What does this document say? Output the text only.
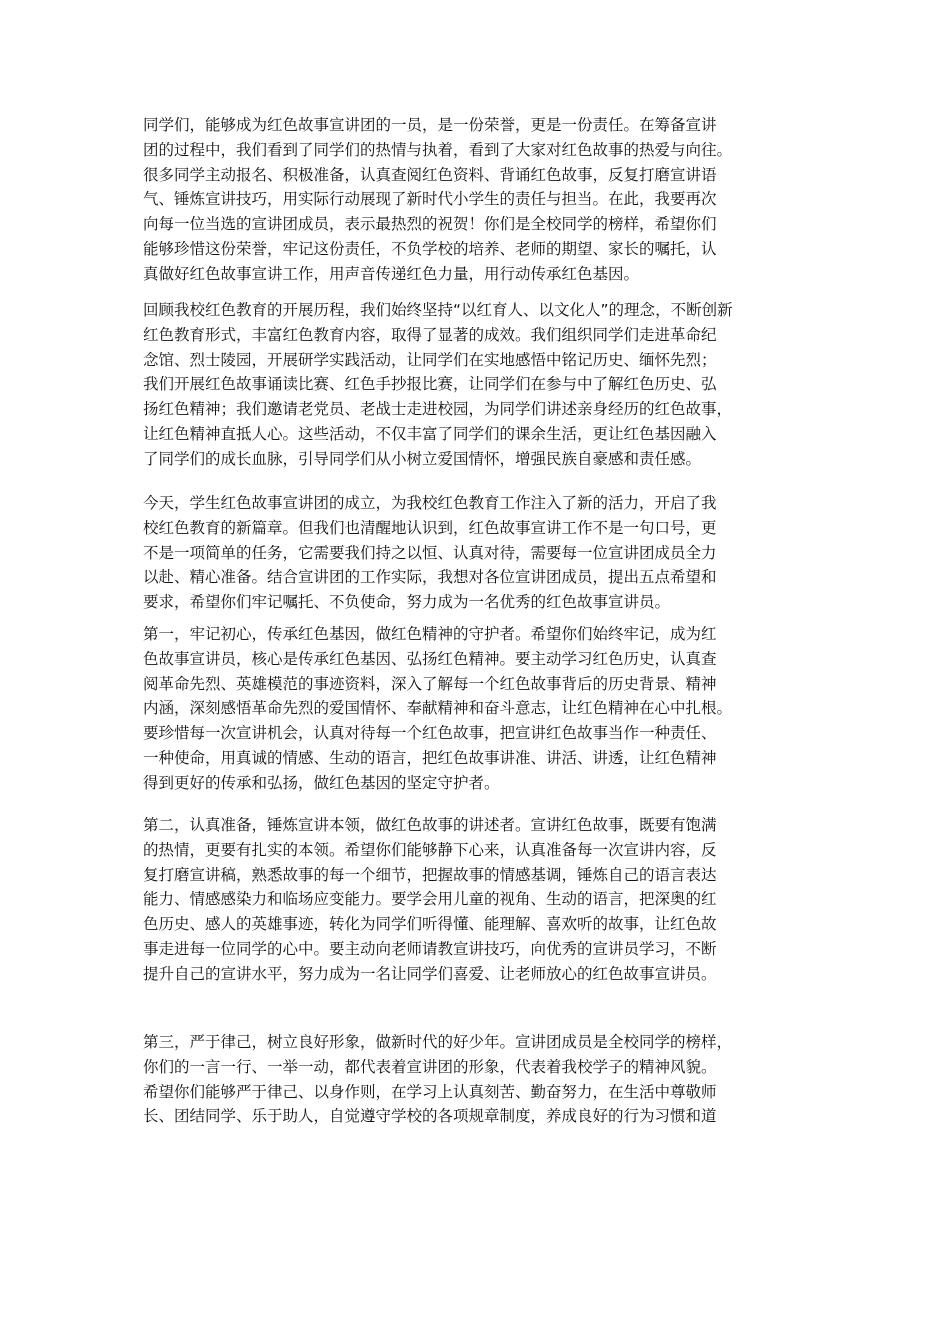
同学们，能够成为红色故事宣讲团的一员，是一份荣誉，更是一份责任。在筹备宣讲
团的过程中，我们看到了同学们的热情与执着，看到了大家对红色故事的热爱与向往。
很多同学主动报名、积极准备，认真查阅红色资料、背诵红色故事，反复打磨宣讲语
气、锤炼宣讲技巧，用实际行动展现了新时代小学生的责任与担当。在此，我要再次
向每一位当选的宣讲团成员，表示最热烈的祝贺！你们是全校同学的榜样，希望你们
能够珍惜这份荣誉，牢记这份责任，不负学校的培养、老师的期望、家长的嘱托，认
真做好红色故事宣讲工作，用声音传递红色力量，用行动传承红色基因。

回顾我校红色教育的开展历程，我们始终坚持“以红育人、以文化人”的理念，不断创新
红色教育形式，丰富红色教育内容，取得了显著的成效。我们组织同学们走进革命纪
念馆、烈士陵园，开展研学实践活动，让同学们在实地感悟中铭记历史、缅怀先烈；
我们开展红色故事诵读比赛、红色手抄报比赛，让同学们在参与中了解红色历史、弘
扬红色精神；我们邀请老党员、老战士走进校园，为同学们讲述亲身经历的红色故事，
让红色精神直抵人心。这些活动，不仅丰富了同学们的课余生活，更让红色基因融入
了同学们的成长血脉，引导同学们从小树立爱国情怀，增强民族自豪感和责任感。

今天，学生红色故事宣讲团的成立，为我校红色教育工作注入了新的活力，开启了我
校红色教育的新篇章。但我们也清醒地认识到，红色故事宣讲工作不是一句口号，更
不是一项简单的任务，它需要我们持之以恒、认真对待，需要每一位宣讲团成员全力
以赴、精心准备。结合宣讲团的工作实际，我想对各位宣讲团成员，提出五点希望和
要求，希望你们牢记嘱托、不负使命，努力成为一名优秀的红色故事宣讲员。

第一，牢记初心，传承红色基因，做红色精神的守护者。希望你们始终牢记，成为红
色故事宣讲员，核心是传承红色基因、弘扬红色精神。要主动学习红色历史，认真查
阅革命先烈、英雄模范的事迹资料，深入了解每一个红色故事背后的历史背景、精神
内涵，深刻感悟革命先烈的爱国情怀、奉献精神和奋斗意志，让红色精神在心中扎根。
要珍惜每一次宣讲机会，认真对待每一个红色故事，把宣讲红色故事当作一种责任、
一种使命，用真诚的情感、生动的语言，把红色故事讲准、讲活、讲透，让红色精神
得到更好的传承和弘扬，做红色基因的坚定守护者。

第二，认真准备，锤炼宣讲本领，做红色故事的讲述者。宣讲红色故事，既要有饱满
的热情，更要有扎实的本领。希望你们能够静下心来，认真准备每一次宣讲内容，反
复打磨宣讲稿，熟悉故事的每一个细节，把握故事的情感基调，锤炼自己的语言表达
能力、情感感染力和临场应变能力。要学会用儿童的视角、生动的语言，把深奥的红
色历史、感人的英雄事迹，转化为同学们听得懂、能理解、喜欢听的故事，让红色故
事走进每一位同学的心中。要主动向老师请教宣讲技巧，向优秀的宣讲员学习，不断
提升自己的宣讲水平，努力成为一名让同学们喜爱、让老师放心的红色故事宣讲员。

第三，严于律己，树立良好形象，做新时代的好少年。宣讲团成员是全校同学的榜样，
你们的一言一行、一举一动，都代表着宣讲团的形象，代表着我校学子的精神风貌。
希望你们能够严于律己、以身作则，在学习上认真刻苦、勤奋努力，在生活中尊敬师
长、团结同学、乐于助人，自觉遵守学校的各项规章制度，养成良好的行为习惯和道
